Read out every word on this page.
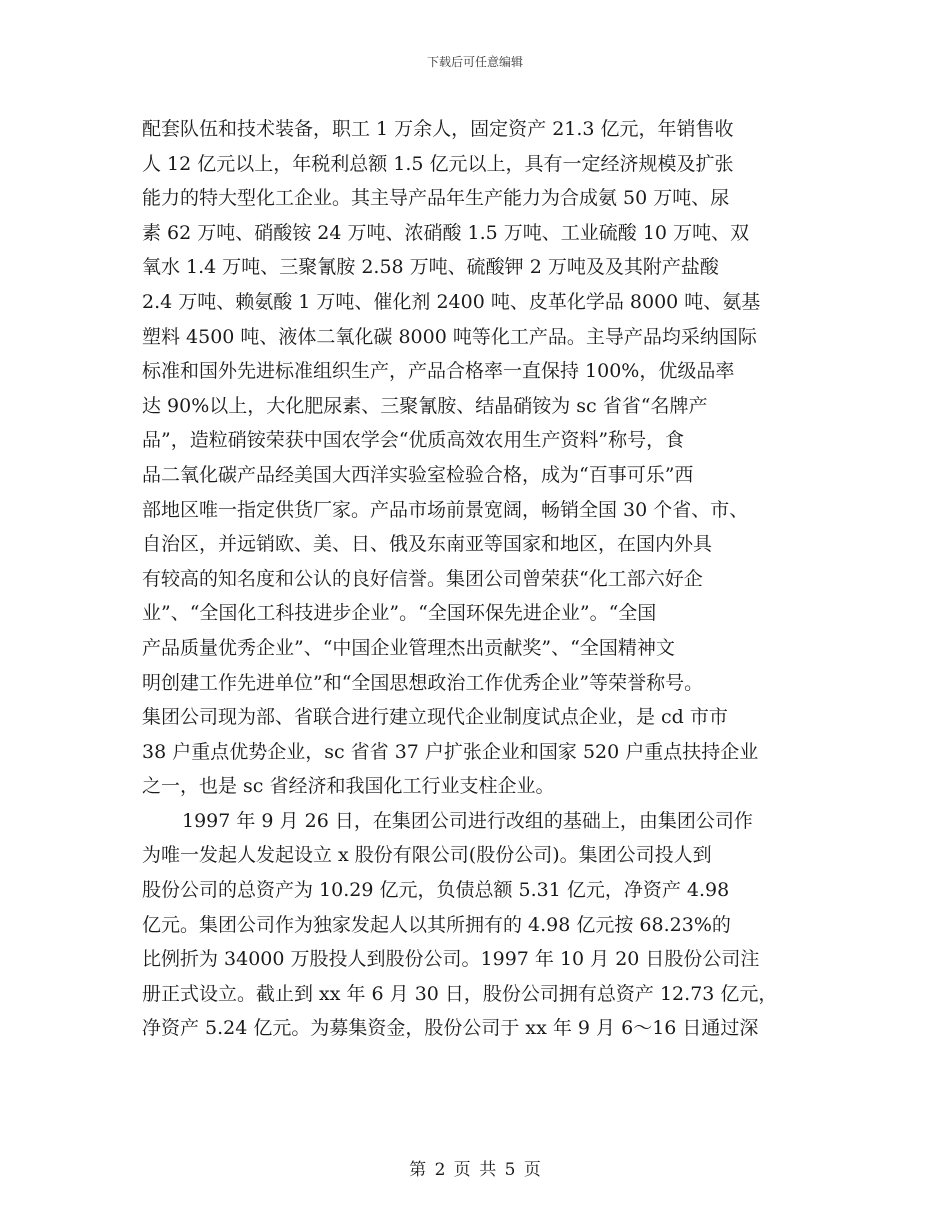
下载后可任意编辑
配套队伍和技术装备，职工 1 万余人，固定资产 21.3 亿元，年销售收
人 12 亿元以上，年税利总额 1.5 亿元以上，具有一定经济规模及扩张
能力的特大型化工企业。其主导产品年生产能力为合成氨 50 万吨、尿
素 62 万吨、硝酸铵 24 万吨、浓硝酸 1.5 万吨、工业硫酸 10 万吨、双
氧水 1.4 万吨、三聚氰胺 2.58 万吨、硫酸钾 2 万吨及及其附产盐酸
2.4 万吨、赖氨酸 1 万吨、催化剂 2400 吨、皮革化学品 8000 吨、氨基
塑料 4500 吨、液体二氧化碳 8000 吨等化工产品。主导产品均采纳国际
标准和国外先进标准组织生产，产品合格率一直保持 100%，优级品率
达 90%以上，大化肥尿素、三聚氰胺、结晶硝铵为 sc 省省“名牌产
品”，造粒硝铵荣获中国农学会“优质高效农用生产资料”称号，食
品二氧化碳产品经美国大西洋实验室检验合格，成为“百事可乐”西
部地区唯一指定供货厂家。产品市场前景宽阔，畅销全国 30 个省、市、
自治区，并远销欧、美、日、俄及东南亚等国家和地区，在国内外具
有较高的知名度和公认的良好信誉。集团公司曾荣获“化工部六好企
业”、“全国化工科技进步企业”。“全国环保先进企业”。“全国
产品质量优秀企业”、“中国企业管理杰出贡献奖”、“全国精神文
明创建工作先进单位”和“全国思想政治工作优秀企业”等荣誉称号。
集团公司现为部、省联合进行建立现代企业制度试点企业，是 cd 市市
38 户重点优势企业，sc 省省 37 户扩张企业和国家 520 户重点扶持企业
之一，也是 sc 省经济和我国化工行业支柱企业。
1997 年 9 月 26 日，在集团公司进行改组的基础上，由集团公司作
为唯一发起人发起设立 x 股份有限公司(股份公司)。集团公司投人到
股份公司的总资产为 10.29 亿元，负债总额 5.31 亿元，净资产 4.98
亿元。集团公司作为独家发起人以其所拥有的 4.98 亿元按 68.23%的
比例折为 34000 万股投人到股份公司。1997 年 10 月 20 日股份公司注
册正式设立。截止到 xx 年 6 月 30 日，股份公司拥有总资产 12.73 亿元，
净资产 5.24 亿元。为募集资金，股份公司于 xx 年 9 月 6～16 日通过深
第 2 页 共 5 页
